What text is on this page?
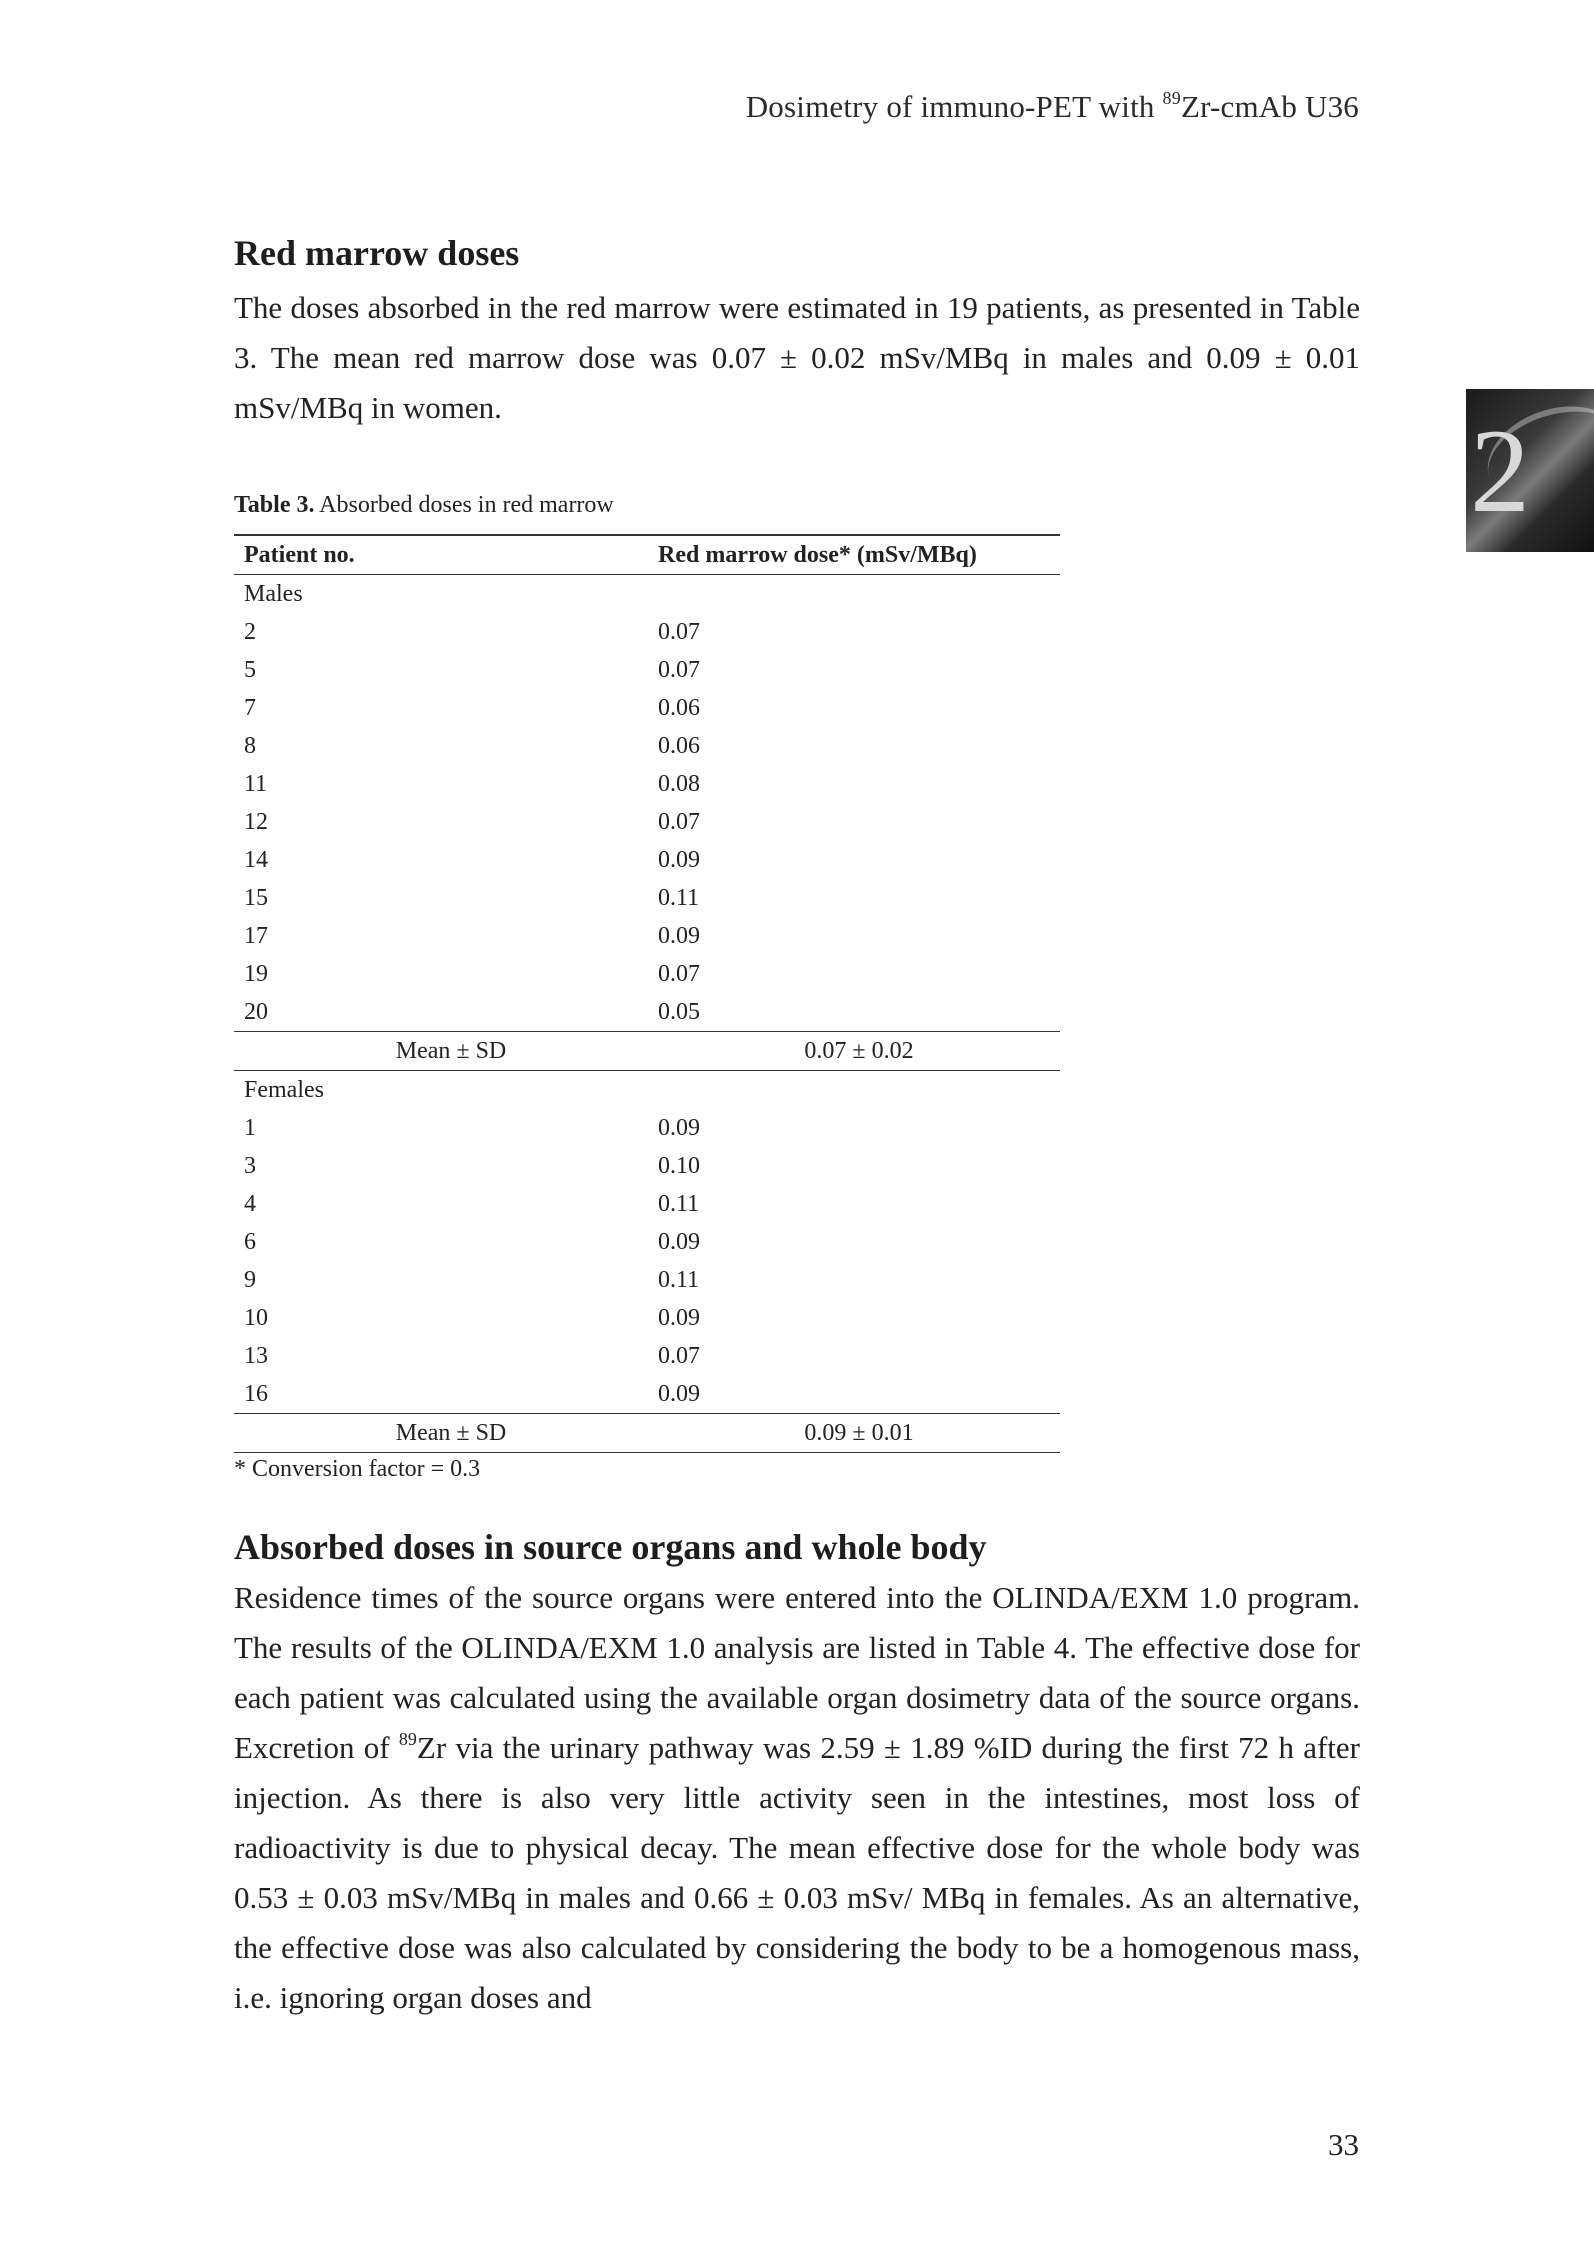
Dosimetry of immuno-PET with $^{89}$Zr-cmAb U36
2
Red marrow doses

The doses absorbed in the red marrow were estimated in 19 patients, as presented in Table 3. The mean red marrow dose was 0.07 ± 0.02 mSv/MBq in males and 0.09 ± 0.01 mSv/MBq in women.

Table 3. Absorbed doses in red marrow
Patient no.	Red marrow dose* (mSv/MBq)
Males	
2	0.07
5	0.07
7	0.06
8	0.06
11	0.08
12	0.07
14	0.09
15	0.11
17	0.09
19	0.07
20	0.05
Mean ± SD	0.07 ± 0.02
Females	
1	0.09
3	0.10
4	0.11
6	0.09
9	0.11
10	0.09
13	0.07
16	0.09
Mean ± SD	0.09 ± 0.01
* Conversion factor = 0.3
Absorbed doses in source organs and whole body

Residence times of the source organs were entered into the OLINDA/EXM 1.0 program. The results of the OLINDA/EXM 1.0 analysis are listed in Table 4. The effective dose for each patient was calculated using the available organ dosimetry data of the source organs. Excretion of $^{89}$Zr via the urinary pathway was 2.59 ± 1.89 %ID during the first 72 h after injection. As there is also very little activity seen in the intestines, most loss of radioactivity is due to physical decay. The mean effective dose for the whole body was 0.53 ± 0.03 mSv/MBq in males and 0.66 ± 0.03 mSv/ MBq in females. As an alternative, the effective dose was also calculated by considering the body to be a homogenous mass, i.e. ignoring organ doses and

33
